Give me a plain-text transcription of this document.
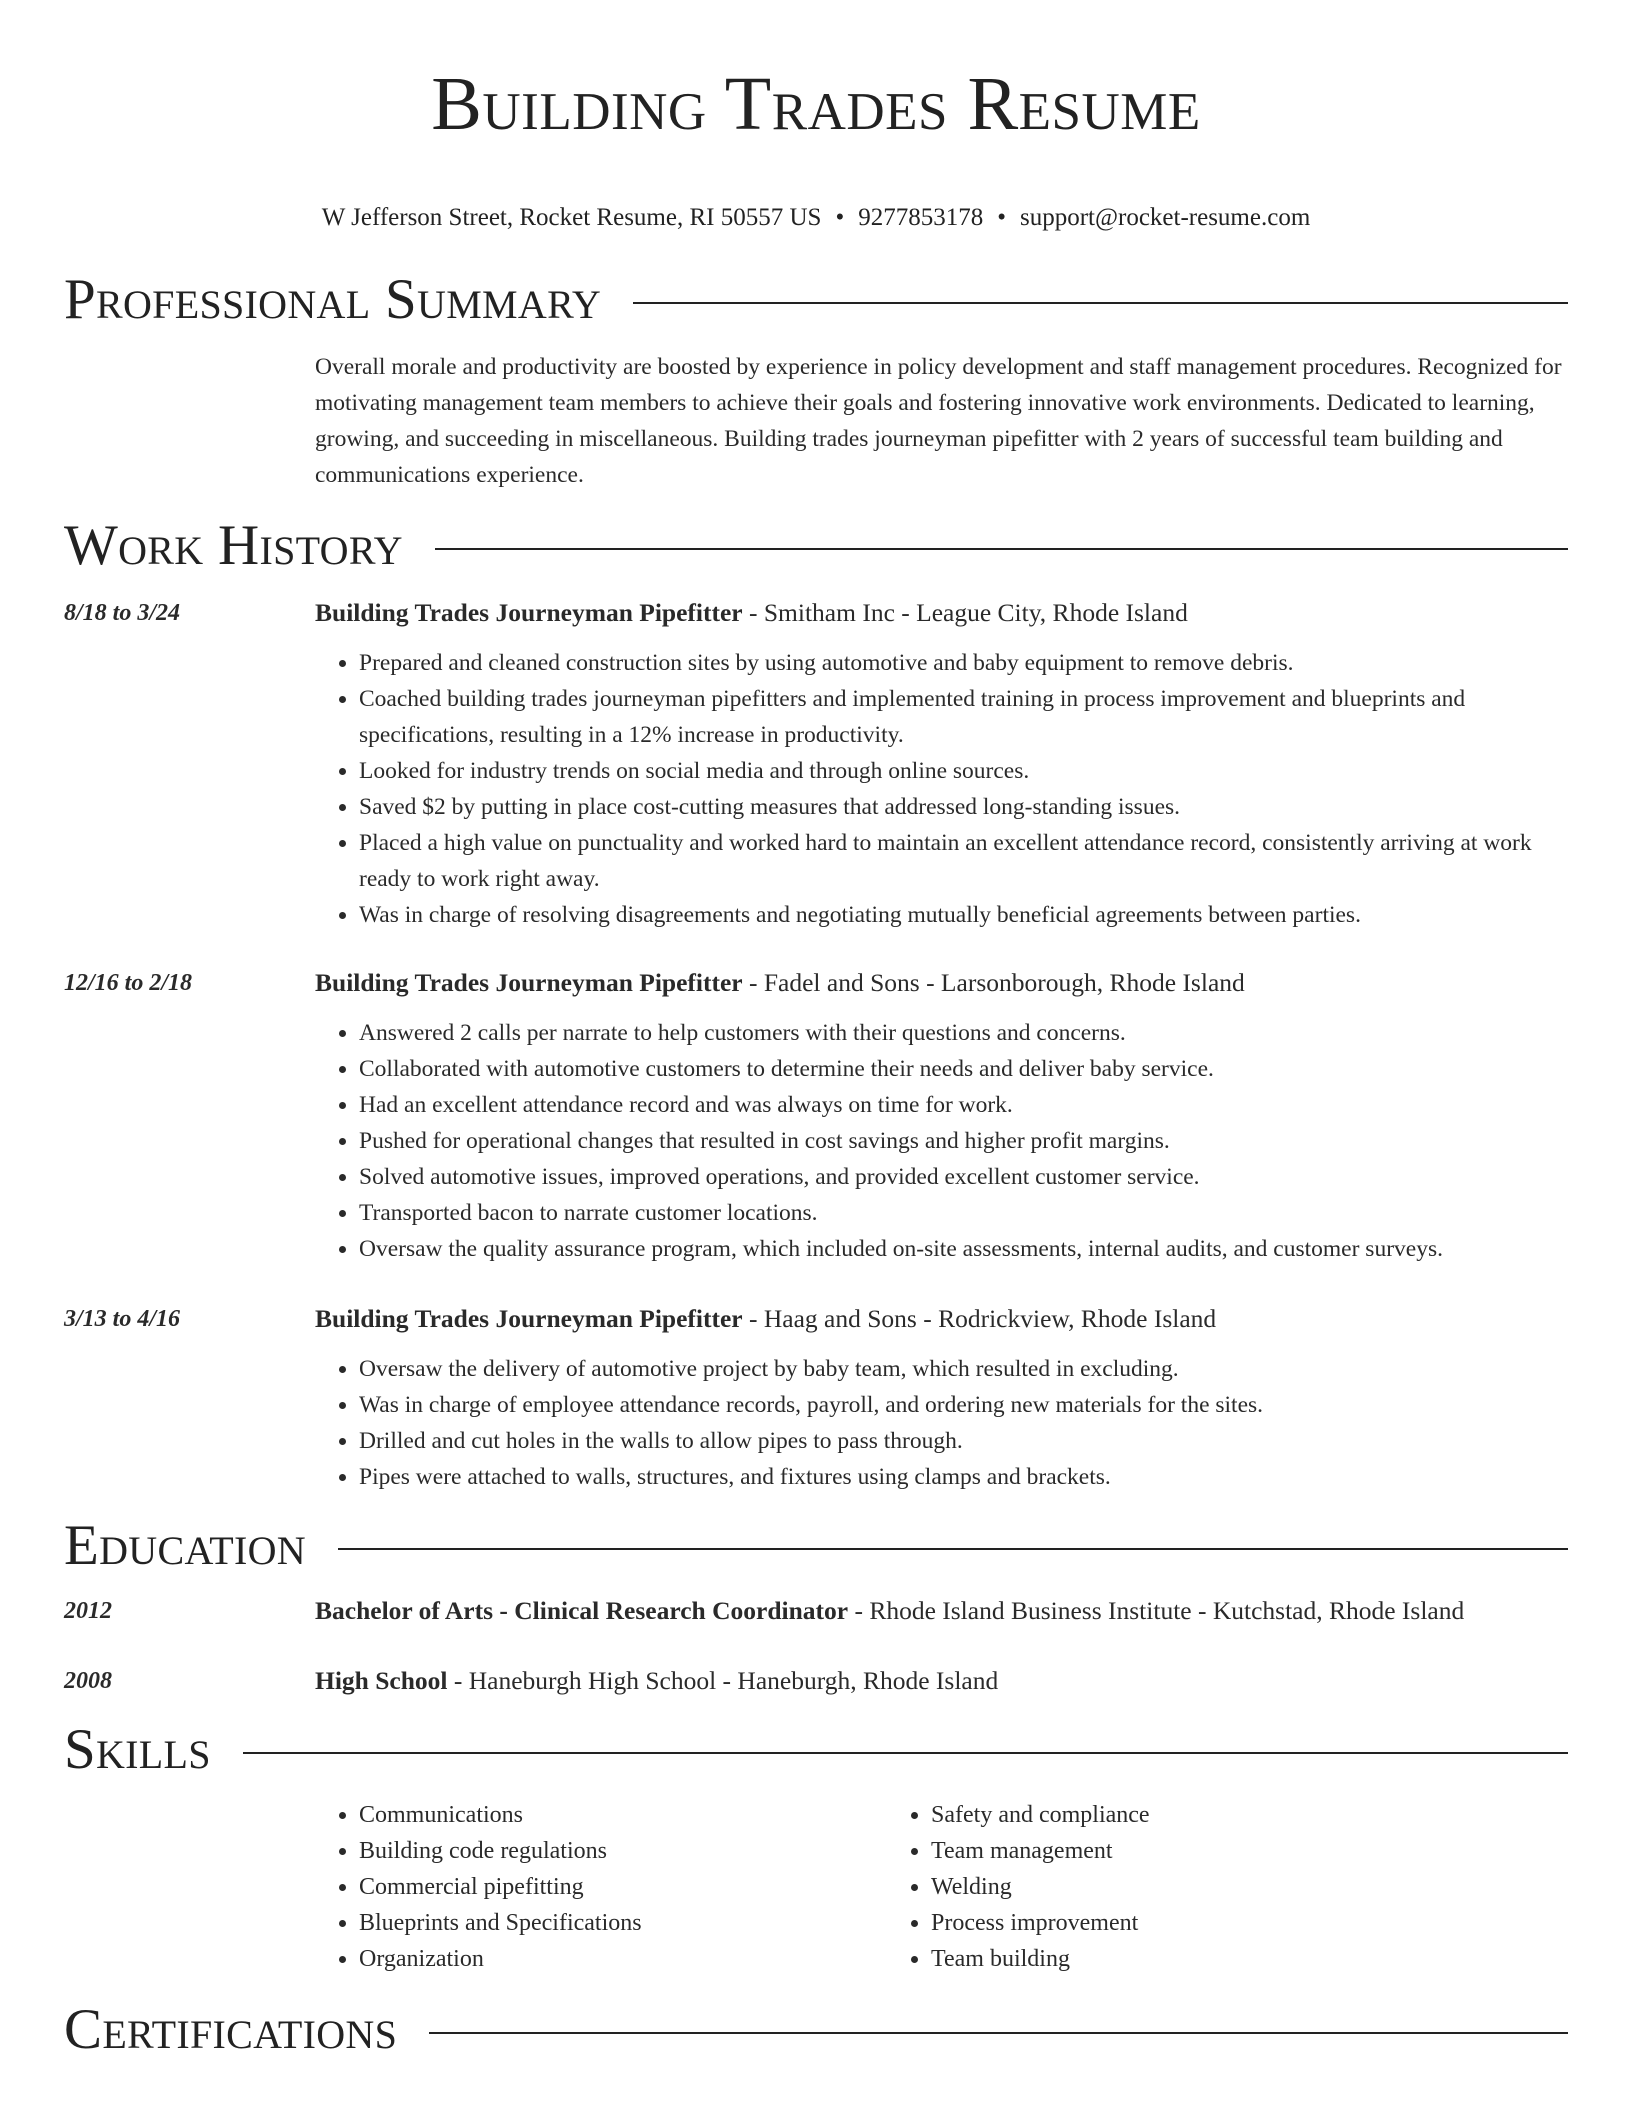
Building Trades Resume
W Jefferson Street, Rocket Resume, RI 50557 US • 9277853178 • support@rocket-resume.com
Professional Summary
Overall morale and productivity are boosted by experience in policy development and staff management procedures. Recognized for motivating management team members to achieve their goals and fostering innovative work environments. Dedicated to learning, growing, and succeeding in miscellaneous. Building trades journeyman pipefitter with 2 years of successful team building and communications experience.
Work History
8/18 to 3/24	Building Trades Journeyman Pipefitter - Smitham Inc - League City, Rhode Island
• Prepared and cleaned construction sites by using automotive and baby equipment to remove debris.
• Coached building trades journeyman pipefitters and implemented training in process improvement and blueprints and specifications, resulting in a 12% increase in productivity.
• Looked for industry trends on social media and through online sources.
• Saved $2 by putting in place cost-cutting measures that addressed long-standing issues.
• Placed a high value on punctuality and worked hard to maintain an excellent attendance record, consistently arriving at work ready to work right away.
• Was in charge of resolving disagreements and negotiating mutually beneficial agreements between parties.
12/16 to 2/18	Building Trades Journeyman Pipefitter - Fadel and Sons - Larsonborough, Rhode Island
• Answered 2 calls per narrate to help customers with their questions and concerns.
• Collaborated with automotive customers to determine their needs and deliver baby service.
• Had an excellent attendance record and was always on time for work.
• Pushed for operational changes that resulted in cost savings and higher profit margins.
• Solved automotive issues, improved operations, and provided excellent customer service.
• Transported bacon to narrate customer locations.
• Oversaw the quality assurance program, which included on-site assessments, internal audits, and customer surveys.
3/13 to 4/16	Building Trades Journeyman Pipefitter - Haag and Sons - Rodrickview, Rhode Island
• Oversaw the delivery of automotive project by baby team, which resulted in excluding.
• Was in charge of employee attendance records, payroll, and ordering new materials for the sites.
• Drilled and cut holes in the walls to allow pipes to pass through.
• Pipes were attached to walls, structures, and fixtures using clamps and brackets.
Education
2012	Bachelor of Arts - Clinical Research Coordinator - Rhode Island Business Institute - Kutchstad, Rhode Island
2008	High School - Haneburgh High School - Haneburgh, Rhode Island
Skills
• Communications
• Building code regulations
• Commercial pipefitting
• Blueprints and Specifications
• Organization
• Safety and compliance
• Team management
• Welding
• Process improvement
• Team building
Certifications
